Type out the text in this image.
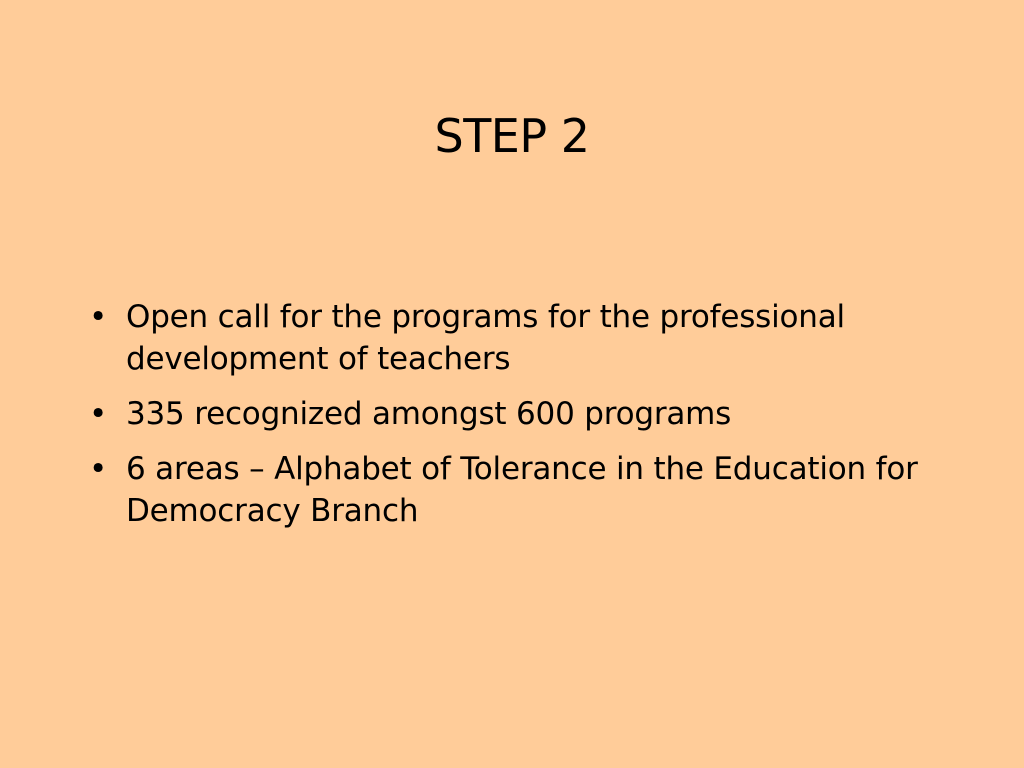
STEP 2
• Open call for the programs for the professional development of teachers
• 335 recognized amongst 600 programs
• 6 areas – Alphabet of Tolerance in the Education for Democracy Branch
